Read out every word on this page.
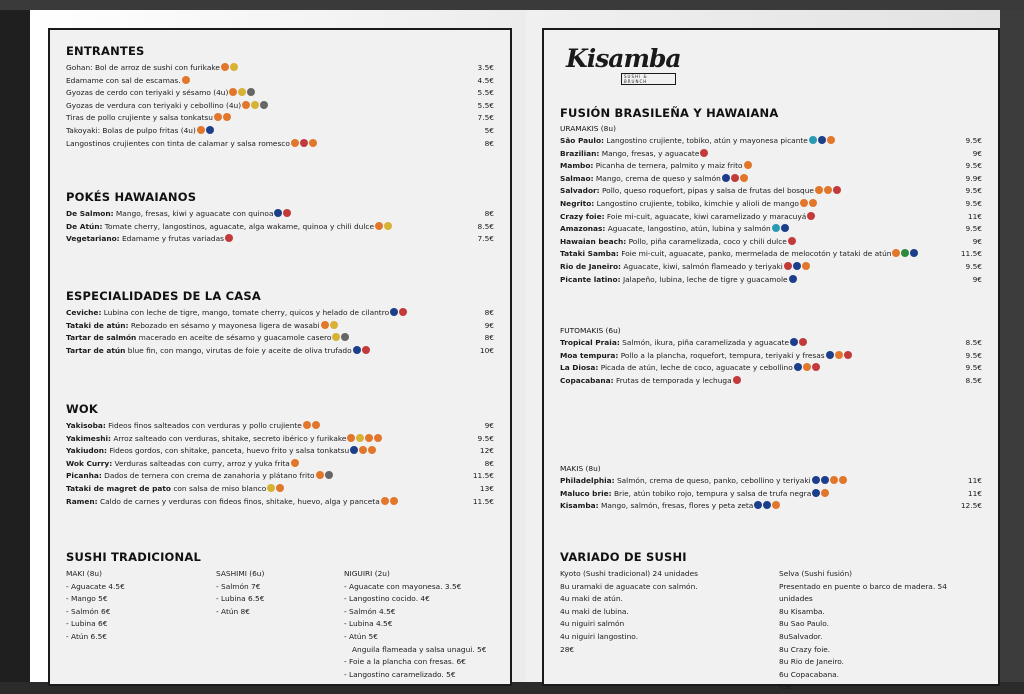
ENTRANTES
Gohan: Bol de arroz de sushi con furikake	3.5€
Edamame con sal de escamas.	4.5€
Gyozas de cerdo con teriyaki y sésamo (4u)	5.5€
Gyozas de verdura con teriyaki y cebollino (4u)	5.5€
Tiras de pollo crujiente y salsa tonkatsu	7.5€
Takoyaki: Bolas de pulpo fritas (4u)	5€
Langostinos crujientes con tinta de calamar y salsa romesco	8€
POKÉS HAWAIANOS
De Salmon: Mango, fresas, kiwi y aguacate con quinoa	8€
De Atún: Tomate cherry, langostinos, aguacate, alga wakame, quinoa y chili dulce	8.5€
Vegetariano: Edamame y frutas variadas	7.5€
ESPECIALIDADES DE LA CASA
Ceviche: Lubina con leche de tigre, mango, tomate cherry, quicos y helado de cilantro	8€
Tataki de atún: Rebozado en sésamo y mayonesa ligera de wasabi	9€
Tartar de salmón macerado en aceite de sésamo y guacamole casero	8€
Tartar de atún blue fin, con mango, virutas de foie y aceite de oliva trufado	10€
WOK
Yakisoba: Fideos finos salteados con verduras y pollo crujiente	9€
Yakimeshi: Arroz salteado con verduras, shitake, secreto ibérico y furikake	9.5€
Yakiudon: Fideos gordos, con shitake, panceta, huevo frito y salsa tonkatsu	12€
Wok Curry: Verduras salteadas con curry, arroz y yuka frita	8€
Picanha: Dados de ternera con crema de zanahoria y plátano frito	11.5€
Tataki de magret de pato con salsa de miso blanco	13€
Ramen: Caldo de carnes y verduras con fideos finos, shitake, huevo, alga y panceta	11.5€
SUSHI TRADICIONAL
MAKI (8u)
- Aguacate 4.5€
- Mango 5€
- Salmón 6€
- Lubina 6€
- Atún 6.5€
SASHIMI (6u)
- Salmón 7€
- Lubina 6.5€
- Atún 8€
NIGUIRI (2u)
- Aguacate con mayonesa. 3.5€
- Langostino cocido. 4€
- Salmón 4.5€
- Lubina 4.5€
- Atún 5€
Anguila flameada y salsa unagui. 5€
- Foie a la plancha con fresas. 6€
- Langostino caramelizado. 5€
Kisamba
SUSHI & BRUNCH
FUSIÓN BRASILEÑA Y HAWAIANA
URAMAKIS (8u)
São Paulo: Langostino crujiente, tobiko, atún y mayonesa picante	9.5€
Brazilian: Mango, fresas, y aguacate	9€
Mambo: Picanha de ternera, palmito y maiz frito	9.5€
Salmao: Mango, crema de queso y salmón	9.9€
Salvador: Pollo, queso roquefort, pipas y salsa de frutas del bosque	9.5€
Negrito: Langostino crujiente, tobiko, kimchie y alioli de mango	9.5€
Crazy foie: Foie mi-cuit, aguacate, kiwi caramelizado y maracuyá	11€
Amazonas: Aguacate, langostino, atún, lubina y salmón	9.5€
Hawaian beach: Pollo, piña caramelizada, coco y chili dulce	9€
Tataki Samba: Foie mi-cuit, aguacate, panko, mermelada de melocotón y tataki de atún	11.5€
Rio de Janeiro: Aguacate, kiwi, salmón flameado y teriyaki	9.5€
Picante latino: Jalapeño, lubina, leche de tigre y guacamole	9€
FUTOMAKIS (6u)
Tropical Praia: Salmón, ikura, piña caramelizada y aguacate	8.5€
Moa tempura: Pollo a la plancha, roquefort, tempura, teriyaki y fresas	9.5€
La Diosa: Picada de atún, leche de coco, aguacate y cebollino	9.5€
Copacabana: Frutas de temporada y lechuga	8.5€
MAKIS (8u)
Philadelphia: Salmón, crema de queso, panko, cebollino y teriyaki	11€
Maluco brie: Brie, atún tobiko rojo, tempura y salsa de trufa negra	11€
Kisamba: Mango, salmón, fresas, flores y peta zeta	12.5€
VARIADO DE SUSHI
Kyoto (Sushi tradicional) 24 unidades
8u uramaki de aguacate con salmón.
4u maki de atún.
4u maki de lubina.
4u niguiri salmón
4u niguiri langostino.
28€
Selva (Sushi fusión)
Presentado en puente o barco de madera. 54 unidades
8u Kisamba.
8u Sao Paulo.
8uSalvador.
8u Crazy foie.
8u Rio de Janeiro.
6u Copacabana.
69€
